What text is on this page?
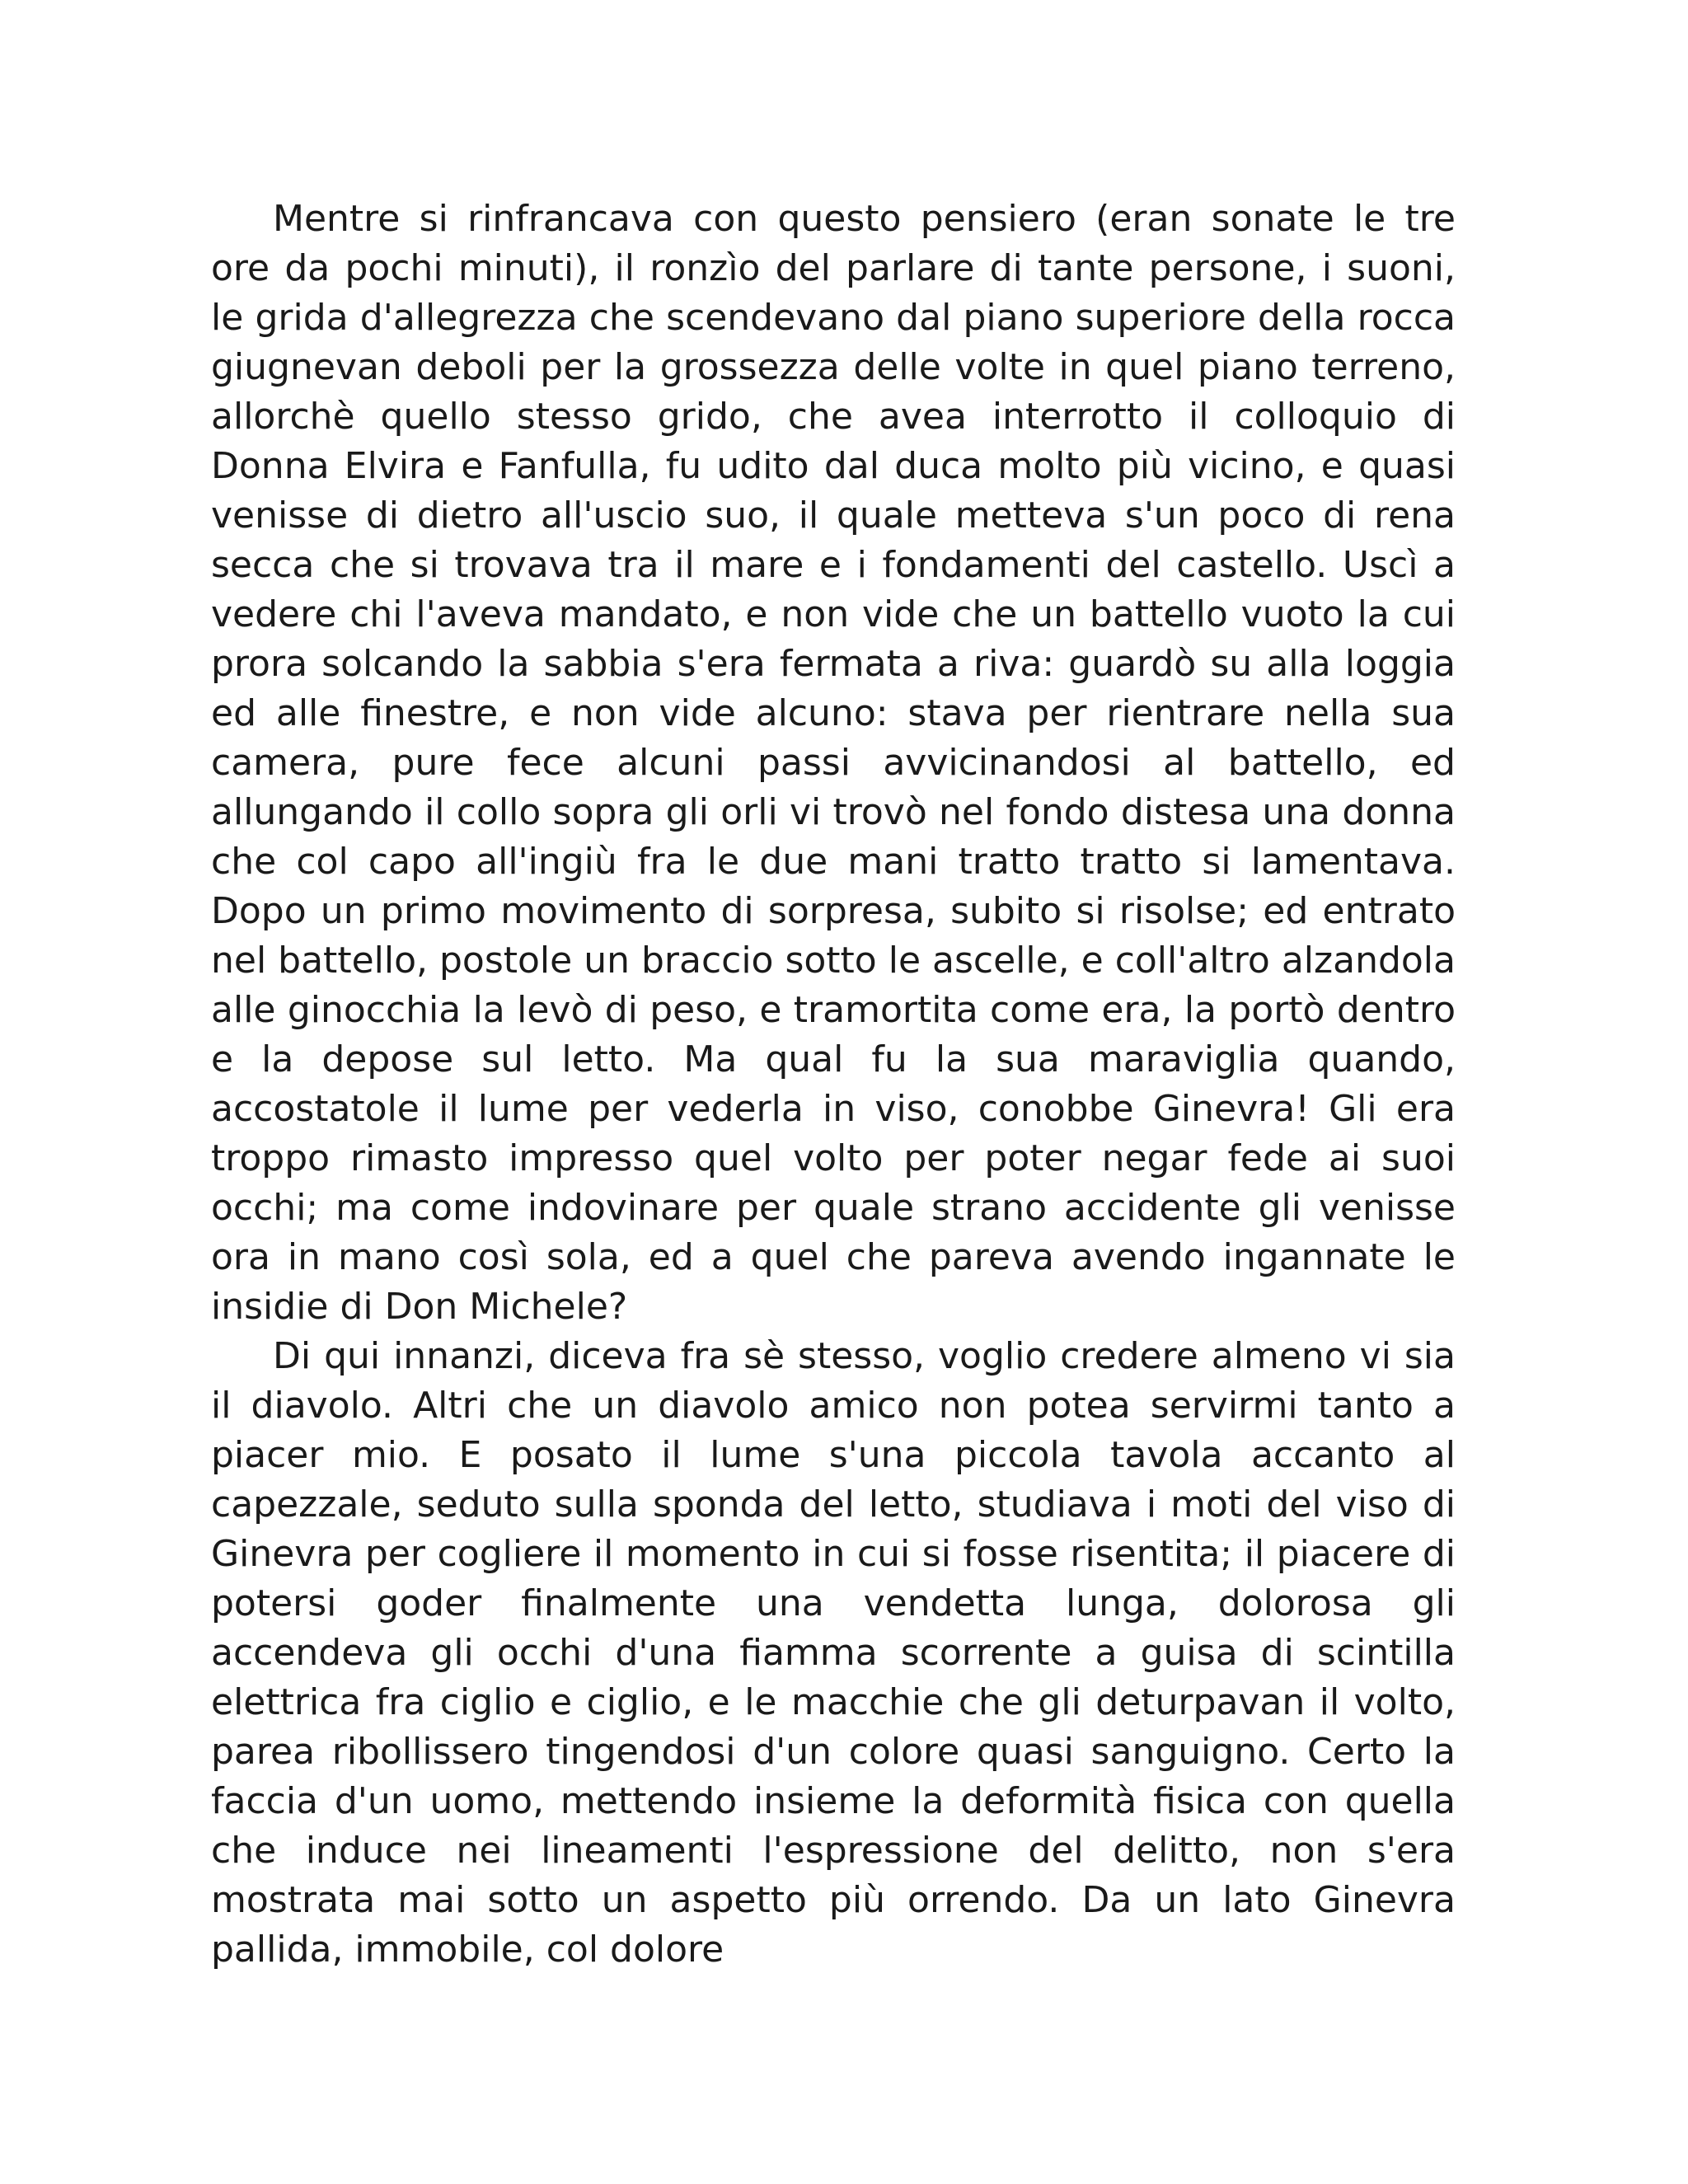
Mentre si rinfrancava con questo pensiero (eran sonate le tre ore da pochi minuti), il ronzìo del parlare di tante persone, i suoni, le grida d'allegrezza che scendevano dal piano superiore della rocca giugnevan deboli per la grossezza delle volte in quel piano terreno, allorchè quello stesso grido, che avea interrotto il colloquio di Donna Elvira e Fanfulla, fu udito dal duca molto più vicino, e quasi venisse di dietro all'uscio suo, il quale metteva s'un poco di rena secca che si trovava tra il mare e i fondamenti del castello. Uscì a vedere chi l'aveva mandato, e non vide che un battello vuoto la cui prora solcando la sabbia s'era fermata a riva: guardò su alla loggia ed alle finestre, e non vide alcuno: stava per rientrare nella sua camera, pure fece alcuni passi avvicinandosi al battello, ed allungando il collo sopra gli orli vi trovò nel fondo distesa una donna che col capo all'ingiù fra le due mani tratto tratto si lamentava. Dopo un primo movimento di sorpresa, subito si risolse; ed entrato nel battello, postole un braccio sotto le ascelle, e coll'altro alzandola alle ginocchia la levò di peso, e tramortita come era, la portò dentro e la depose sul letto. Ma qual fu la sua maraviglia quando, accostatole il lume per vederla in viso, conobbe Ginevra! Gli era troppo rimasto impresso quel volto per poter negar fede ai suoi occhi; ma come indovinare per quale strano accidente gli venisse ora in mano così sola, ed a quel che pareva avendo ingannate le insidie di Don Michele?

Di qui innanzi, diceva fra sè stesso, voglio credere almeno vi sia il diavolo. Altri che un diavolo amico non potea servirmi tanto a piacer mio. E posato il lume s'una piccola tavola accanto al capezzale, seduto sulla sponda del letto, studiava i moti del viso di Ginevra per cogliere il momento in cui si fosse risentita; il piacere di potersi goder finalmente una vendetta lunga, dolorosa gli accendeva gli occhi d'una fiamma scorrente a guisa di scintilla elettrica fra ciglio e ciglio, e le macchie che gli deturpavan il volto, parea ribollissero tingendosi d'un colore quasi sanguigno. Certo la faccia d'un uomo, mettendo insieme la deformità fisica con quella che induce nei lineamenti l'espressione del delitto, non s'era mostrata mai sotto un aspetto più orrendo. Da un lato Ginevra pallida, immobile, col dolore
